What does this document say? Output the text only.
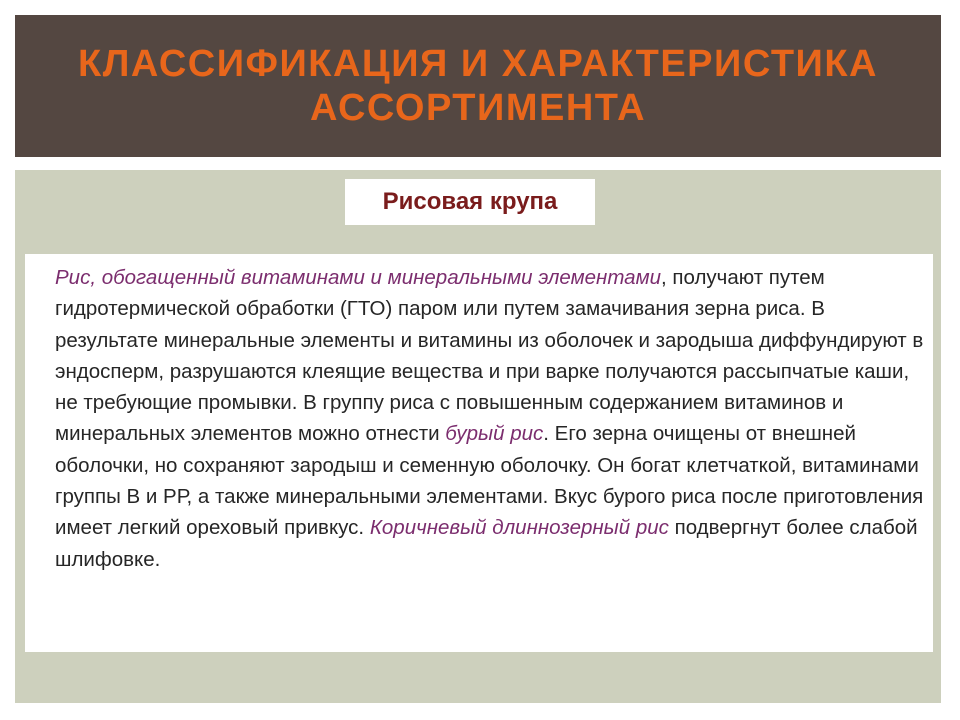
КЛАССИФИКАЦИЯ И ХАРАКТЕРИСТИКА АССОРТИМЕНТА
Рисовая крупа

Рис, обогащенный витаминами и минеральными элементами, получают путем гидротермической обработки (ГТО) паром или путем замачивания зерна риса. В результате минеральные элементы и витамины из оболочек и зародыша диффундируют в эндосперм, разрушаются клеящие вещества и при варке получаются рассыпчатые каши, не требующие промывки. В группу риса с повышенным содержанием витаминов и минеральных элементов можно отнести бурый рис. Его зерна очищены от внешней оболочки, но сохраняют зародыш и семенную оболочку. Он богат клетчаткой, витаминами группы В и РР, а также минеральными элементами. Вкус бурого риса после приготовления имеет легкий ореховый привкус. Коричневый длиннозерный рис подвергнут более слабой шлифовке.
